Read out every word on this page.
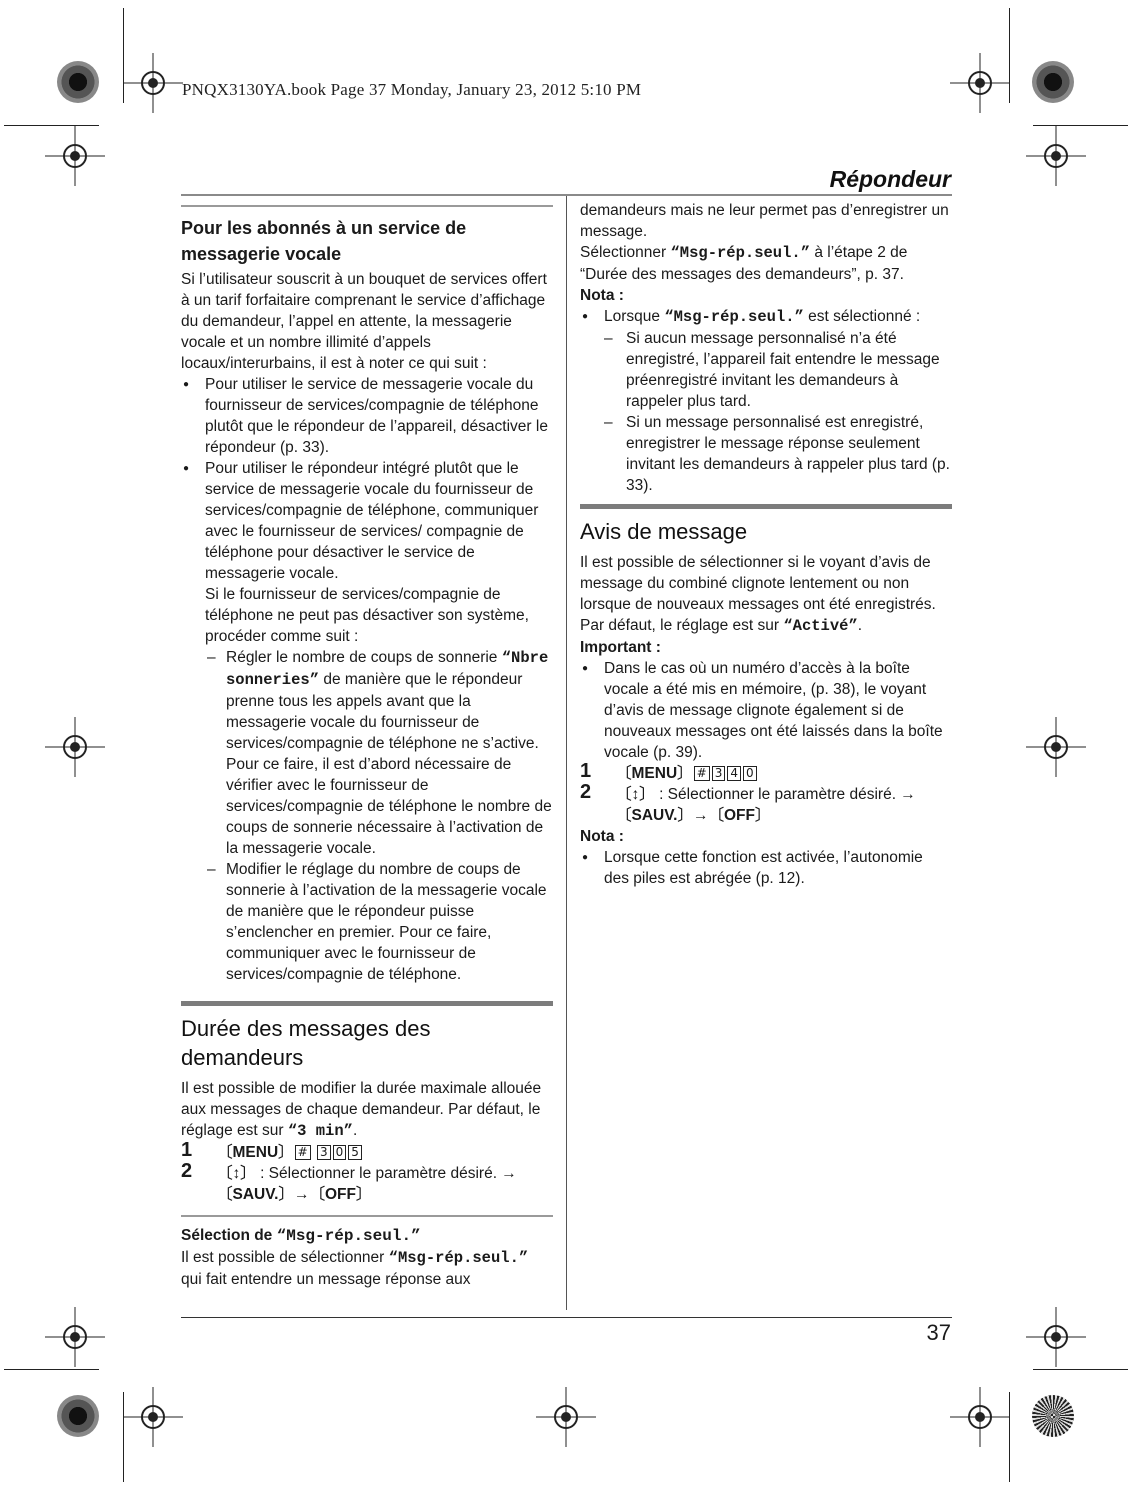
PNQX3130YA.book Page 37 Monday, January 23, 2012 5:10 PM
Répondeur
Pour les abonnés à un service de
messagerie vocale

Si l’utilisateur souscrit à un bouquet de services offert à un tarif forfaitaire comprenant le service d’affichage du demandeur, l’appel en attente, la messagerie vocale et un nombre illimité d’appels locaux/interurbains, il est à noter ce qui suit :

● Pour utiliser le service de messagerie vocale du fournisseur de services/compagnie de téléphone plutôt que le répondeur de l’appareil, désactiver le répondeur (p. 33).

● Pour utiliser le répondeur intégré plutôt que le service de messagerie vocale du fournisseur de services/compagnie de téléphone, communiquer avec le fournisseur de services/ compagnie de téléphone pour désactiver le service de messagerie vocale.

Si le fournisseur de services/compagnie de téléphone ne peut pas désactiver son système, procéder comme suit :

– Régler le nombre de coups de sonnerie “Nbre sonneries” de manière que le répondeur prenne tous les appels avant que la messagerie vocale du fournisseur de services/compagnie de téléphone ne s’active. Pour ce faire, il est d’abord nécessaire de vérifier avec le fournisseur de services/compagnie de téléphone le nombre de coups de sonnerie nécessaire à l’activation de la messagerie vocale.

– Modifier le réglage du nombre de coups de sonnerie à l’activation de la messagerie vocale de manière que le répondeur puisse s’enclencher en premier. Pour ce faire, communiquer avec le fournisseur de services/compagnie de téléphone.

Durée des messages des
demandeurs

Il est possible de modifier la durée maximale allouée aux messages de chaque demandeur. Par défaut, le réglage est sur “3 min”.

1 〔MENU〕 # 3 0 5
2 〔↕〕 : Sélectionner le paramètre désiré. →
〔SAUV.〕→〔OFF〕

Sélection de “Msg-rép.seul.”

Il est possible de sélectionner “Msg-rép.seul.” qui fait entendre un message réponse aux

demandeurs mais ne leur permet pas d’enregistrer un message.

Sélectionner “Msg-rép.seul.” à l’étape 2 de “Durée des messages des demandeurs”, p. 37.

Nota :

● Lorsque “Msg-rép.seul.” est sélectionné :

– Si aucun message personnalisé n’a été enregistré, l’appareil fait entendre le message préenregistré invitant les demandeurs à rappeler plus tard.

– Si un message personnalisé est enregistré, enregistrer le message réponse seulement invitant les demandeurs à rappeler plus tard (p. 33).

Avis de message

Il est possible de sélectionner si le voyant d’avis de message du combiné clignote lentement ou non lorsque de nouveaux messages ont été enregistrés. Par défaut, le réglage est sur “Activé”.

Important :

● Dans le cas où un numéro d’accès à la boîte vocale a été mis en mémoire, (p. 38), le voyant d’avis de message clignote également si de nouveaux messages ont été laissés dans la boîte vocale (p. 39).

1 〔MENU〕 # 3 4 0
2 〔↕〕 : Sélectionner le paramètre désiré. →
〔SAUV.〕→〔OFF〕

Nota :

● Lorsque cette fonction est activée, l’autonomie des piles est abrégée (p. 12).

37
